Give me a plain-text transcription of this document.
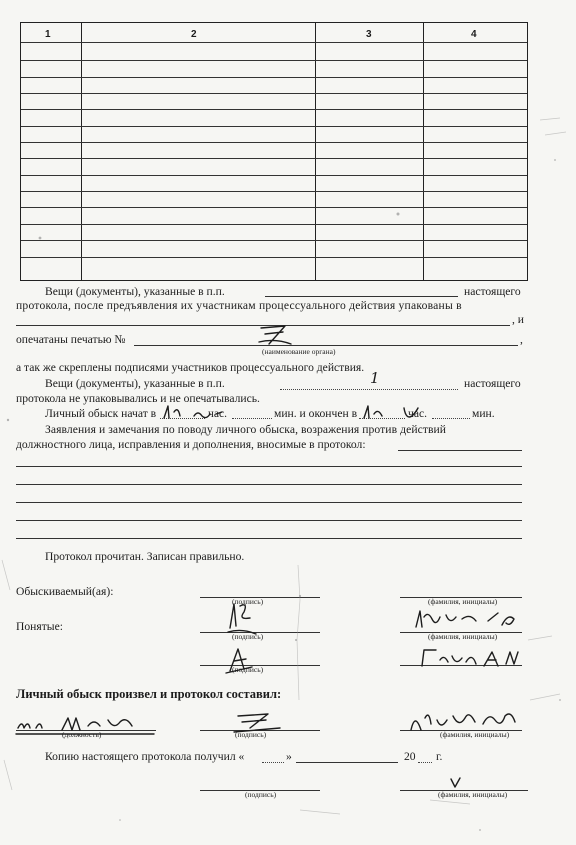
1	2	3	4
Вещи (документы), указанные в п.п.	настоящего
протокола, после предъявления их участникам процессуального действия упакованы в
, и
опечатаны печатью №	,
(наименование органа)
а так же скреплены подписями участников процессуального действия.
Вещи (документы), указанные в п.п.	1	настоящего
протокола не упаковывались и не опечатывались.
Личный обыск начат в	час.	мин. и окончен в	час.	мин.
Заявления и замечания по поводу личного обыска, возражения против действий
должностного лица, исправления и дополнения, вносимые в протокол:
Протокол прочитан. Записан правильно.
Обыскиваемый(ая):
(подпись)	(фамилия, инициалы)
Понятые:
(подпись)	(фамилия, инициалы)
(подпись)
Личный обыск произвел и протокол составил:
(должность)	(подпись)	(фамилия, инициалы)
Копию настоящего протокола получил «	»	20 г.
(подпись)	(фамилия, инициалы)
